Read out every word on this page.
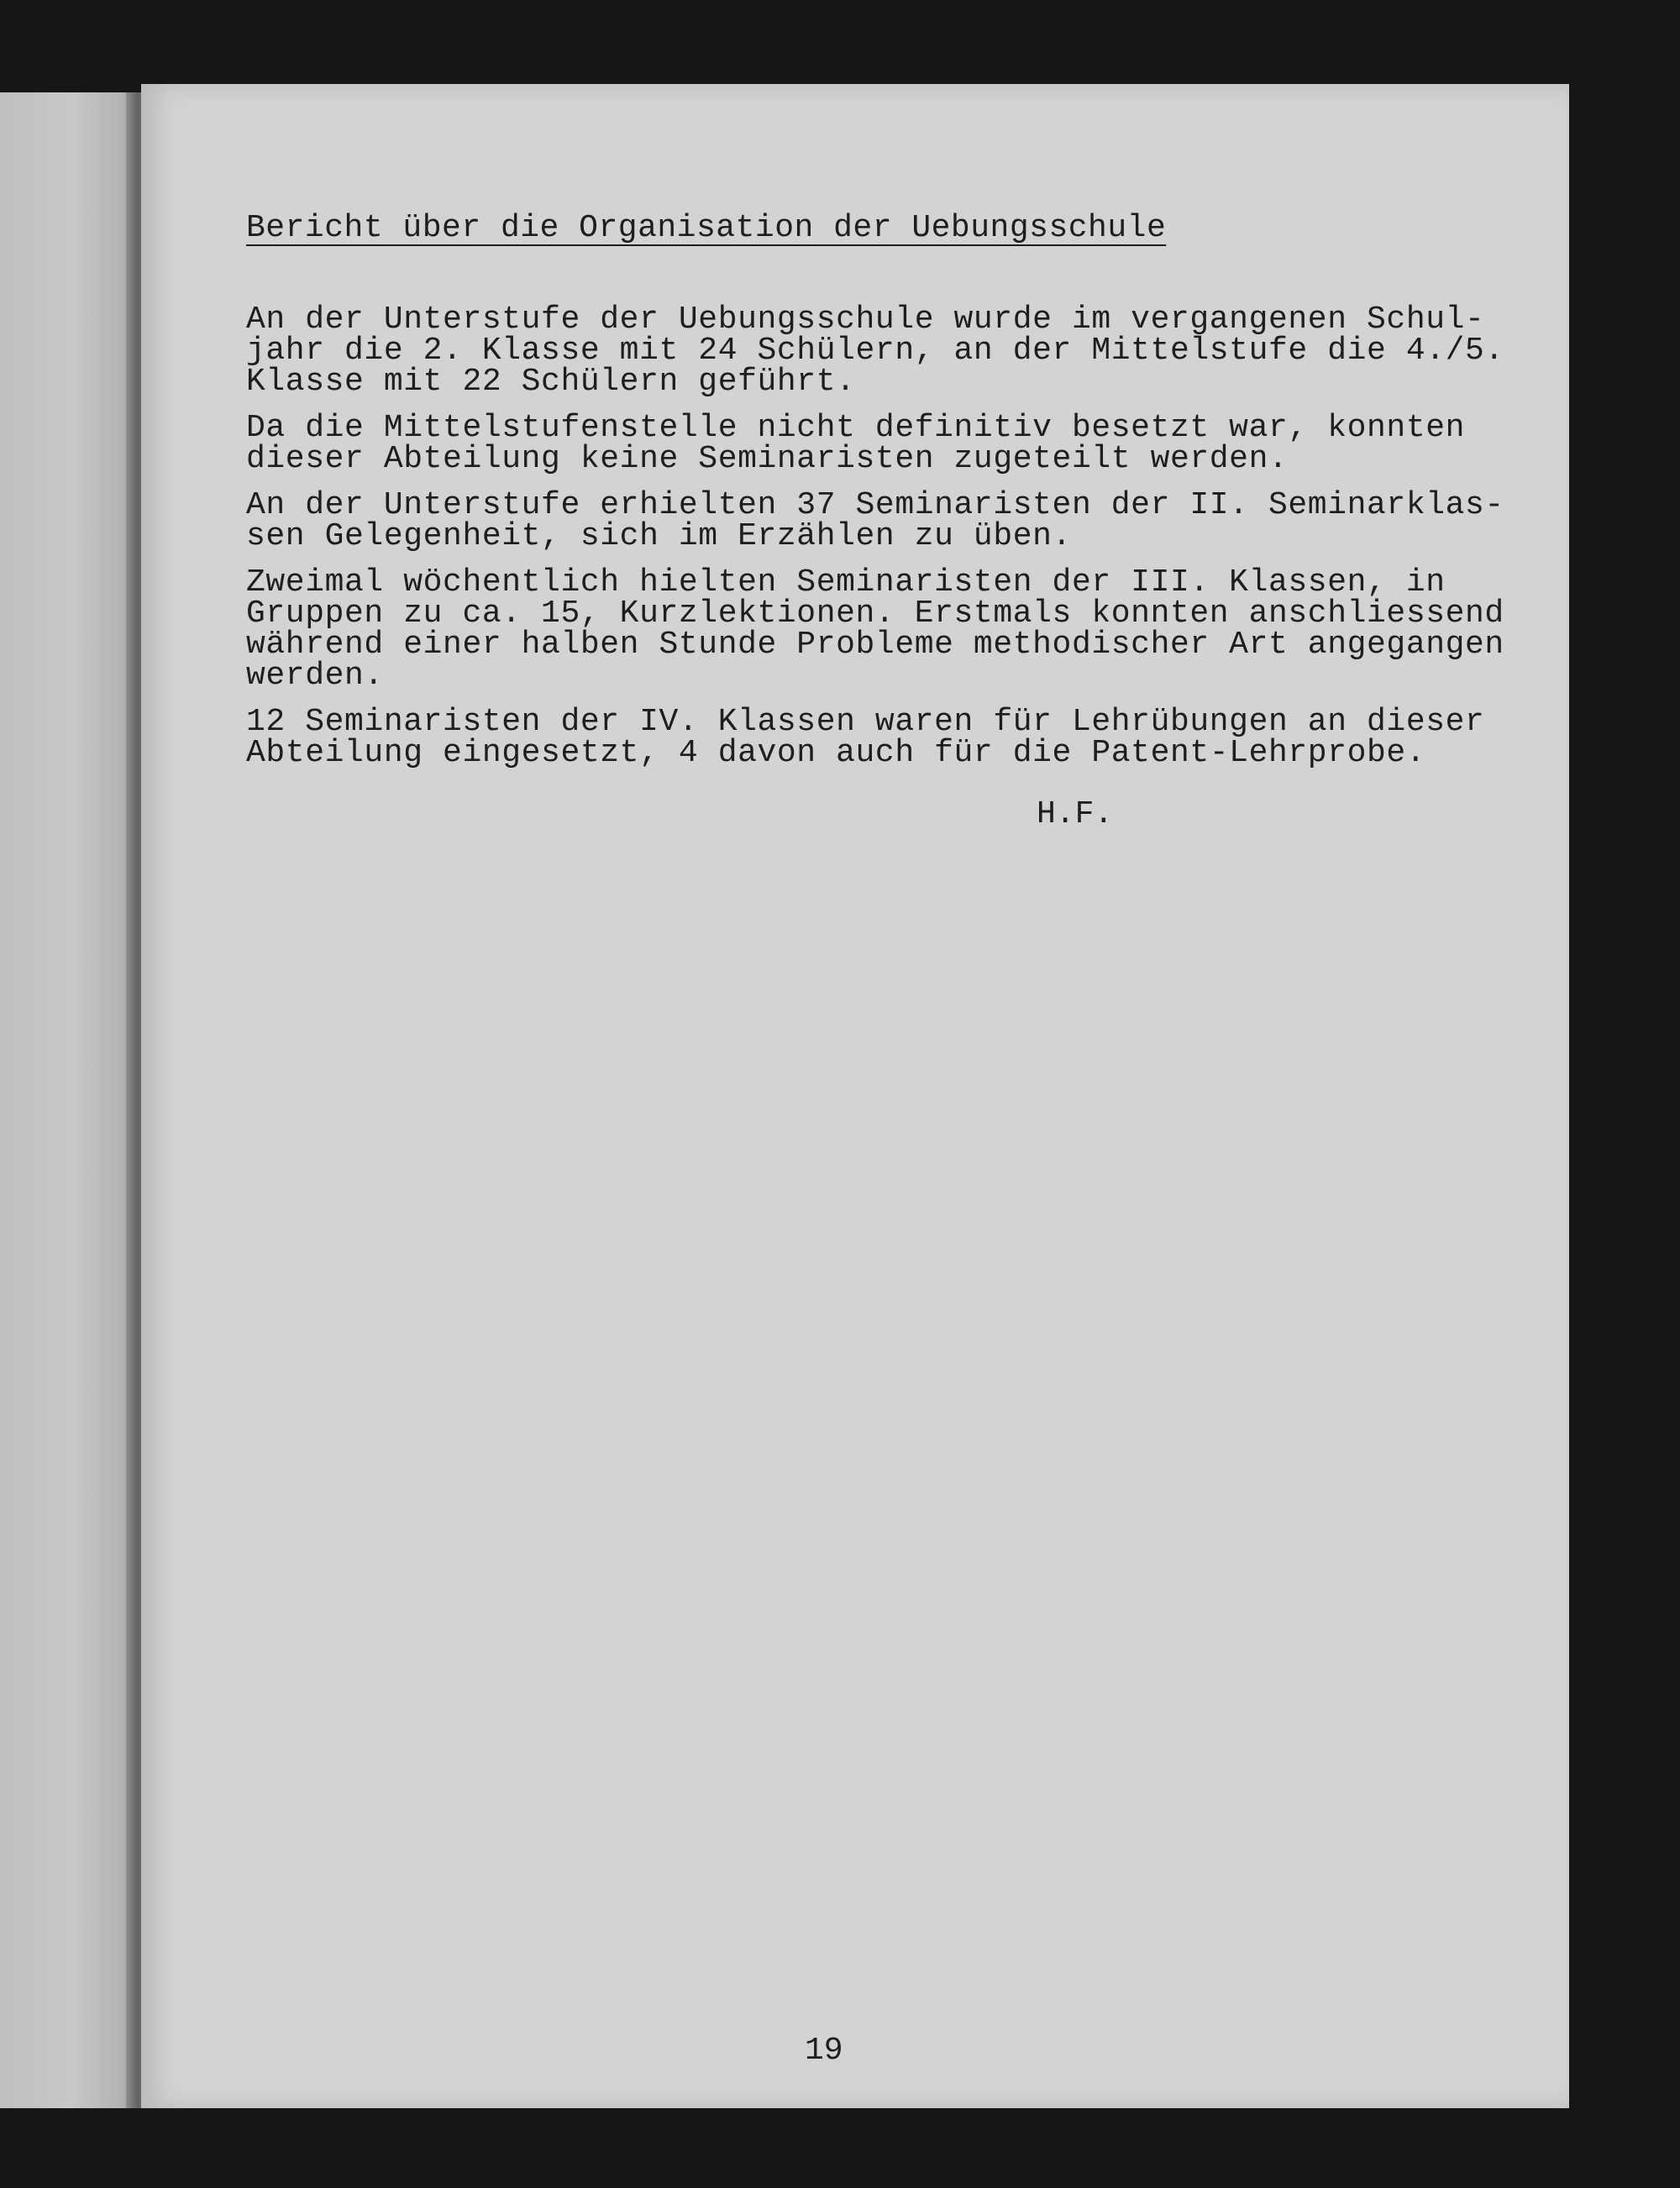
Bericht über die Organisation der Uebungsschule
An der Unterstufe der Uebungsschule wurde im vergangenen Schul-
jahr die 2. Klasse mit 24 Schülern, an der Mittelstufe die 4./5.
Klasse mit 22 Schülern geführt.
Da die Mittelstufenstelle nicht definitiv besetzt war, konnten
dieser Abteilung keine Seminaristen zugeteilt werden.
An der Unterstufe erhielten 37 Seminaristen der II. Seminarklas-
sen Gelegenheit, sich im Erzählen zu üben.
Zweimal wöchentlich hielten Seminaristen der III. Klassen, in
Gruppen zu ca. 15, Kurzlektionen. Erstmals konnten anschliessend
während einer halben Stunde Probleme methodischer Art angegangen
werden.
12 Seminaristen der IV. Klassen waren für Lehrübungen an dieser
Abteilung eingesetzt, 4 davon auch für die Patent-Lehrprobe.
H.F.
19
